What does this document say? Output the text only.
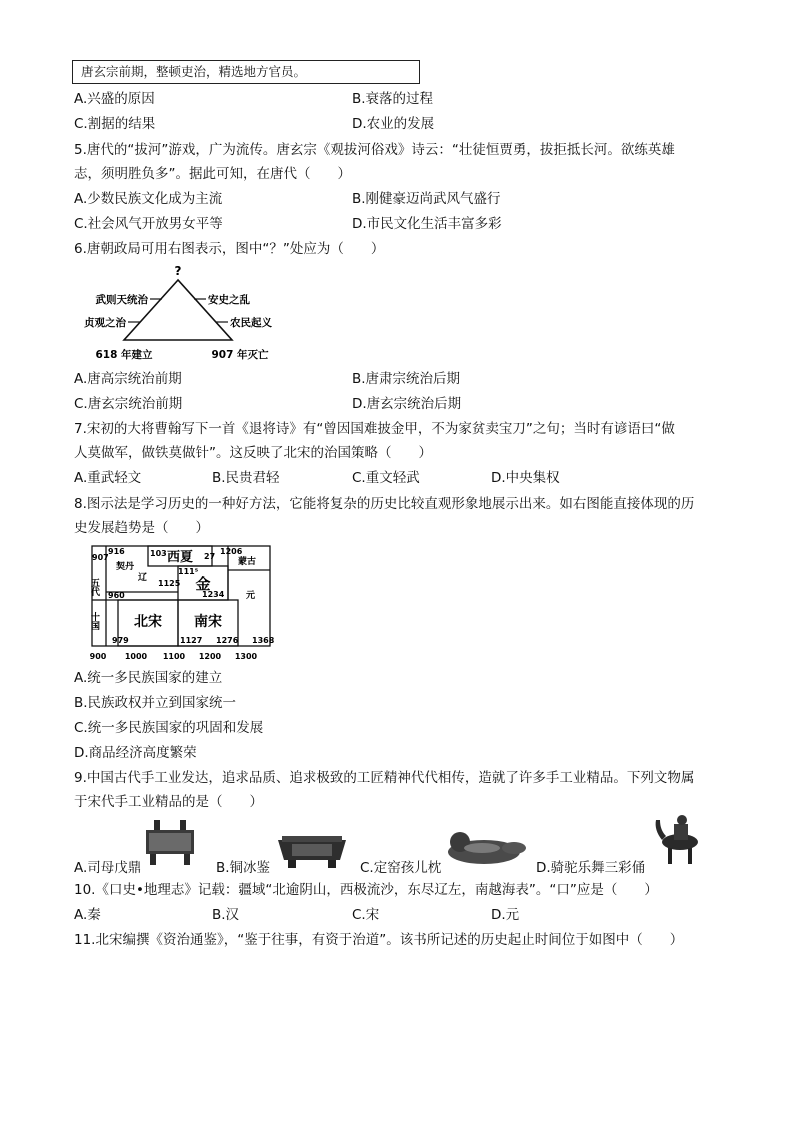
唐玄宗前期，整顿吏治，精选地方官员。
A.兴盛的原因	B.衰落的过程
C.割据的结果	D.农业的发展
5.唐代的“拔河”游戏，广为流传。唐玄宗《观拔河俗戏》诗云：“壮徒恒贾勇，拔拒抵长河。欲练英雄
志，须明胜负多”。据此可知，在唐代（　　）
A.少数民族文化成为主流	B.刚健豪迈尚武风气盛行
C.社会风气开放男女平等	D.市民文化生活丰富多彩
6.唐朝政局可用右图表示，图中“？”处应为（　　）
?
武则天统治
贞观之治
安史之乱
农民起义
618 年建立	907 年灭亡
A.唐高宗统治前期	B.唐肃宗统治后期
C.唐玄宗统治前期	D.唐玄宗统治后期
7.宋初的大将曹翰写下一首《退将诗》有“曾因国难披金甲，不为家贫卖宝刀”之句；当时有谚语曰“做
人莫做军，做铁莫做针”。这反映了北宋的治国策略（　　）
A.重武轻文	B.民贵君轻	C.重文轻武	D.中央集权
8.图示法是学习历史的一种好方法，它能将复杂的历史比较直观形象地展示出来。如右图能直接体现的历
史发展趋势是（　　）
907
916	103	27
1206
111⁵
1125
1234
960
979	1127 1276 1368
西夏
契丹
辽
蒙古
元
金
北宋 南宋
五代
十国
900 1000 1100 1200 1300
A.统一多民族国家的建立
B.民族政权并立到国家统一
C.统一多民族国家的巩固和发展
D.商品经济高度繁荣
9.中国古代手工业发达，追求品质、追求极致的工匠精神代代相传，造就了许多手工业精品。下列文物属
于宋代手工业精品的是（　　）
A.司母戊鼎	B.铜冰鉴	C.定窑孩儿枕	D.骑驼乐舞三彩俑
10.《口史•地理志》记载：疆域“北逾阴山，西极流沙，东尽辽左，南越海表”。“口”应是（　　）
A.秦	B.汉	C.宋	D.元
11.北宋编撰《资治通鉴》，“鉴于往事，有资于治道”。该书所记述的历史起止时间位于如图中（　　）
